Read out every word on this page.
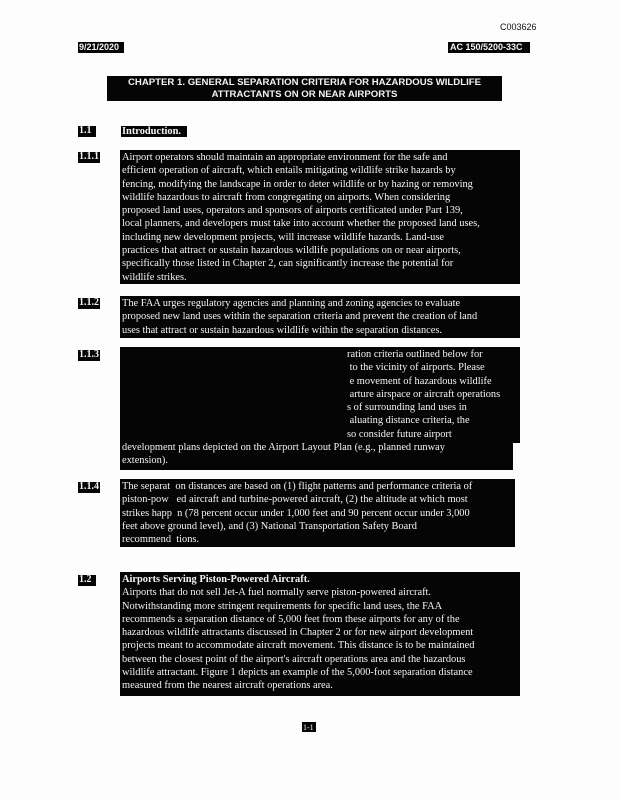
C003626
9/21/2020	AC 150/5200-33C
CHAPTER 1. GENERAL SEPARATION CRITERIA FOR HAZARDOUS WILDLIFE
ATTRACTANTS ON OR NEAR AIRPORTS
1.1	Introduction.
1.1.1 Airport operators should maintain an appropriate environment for the safe and
efficient operation of aircraft, which entails mitigating wildlife strike hazards by
fencing, modifying the landscape in order to deter wildlife or by hazing or removing
wildlife hazardous to aircraft from congregating on airports. When considering
proposed land uses, operators and sponsors of airports certificated under Part 139,
local planners, and developers must take into account whether the proposed land uses,
including new development projects, will increase wildlife hazards. Land-use
practices that attract or sustain hazardous wildlife populations on or near airports,
specifically those listed in Chapter 2, can significantly increase the potential for
wildlife strikes.
1.1.2 The FAA urges regulatory agencies and planning and zoning agencies to evaluate
proposed new land uses within the separation criteria and prevent the creation of land
uses that attract or sustain hazardous wildlife within the separation distances.
1.1.3	ration criteria outlined below for
to the vicinity of airports. Please
e movement of hazardous wildlife
arture airspace or aircraft operations
s of surrounding land uses in
aluating distance criteria, the
so consider future airport
development plans depicted on the Airport Layout Plan (e.g., planned runway
extension).
1.1.4 The separat  on distances are based on (1) flight patterns and performance criteria of
piston-pow   ed aircraft and turbine-powered aircraft, (2) the altitude at which most
strikes happ  n (78 percent occur under 1,000 feet and 90 percent occur under 3,000
feet above ground level), and (3) National Transportation Safety Board
recommend  tions.
1.2	Airports Serving Piston-Powered Aircraft.
Airports that do not sell Jet-A fuel normally serve piston-powered aircraft.
Notwithstanding more stringent requirements for specific land uses, the FAA
recommends a separation distance of 5,000 feet from these airports for any of the
hazardous wildlife attractants discussed in Chapter 2 or for new airport development
projects meant to accommodate aircraft movement. This distance is to be maintained
between the closest point of the airport's aircraft operations area and the hazardous
wildlife attractant. Figure 1 depicts an example of the 5,000-foot separation distance
measured from the nearest aircraft operations area.
1-1
